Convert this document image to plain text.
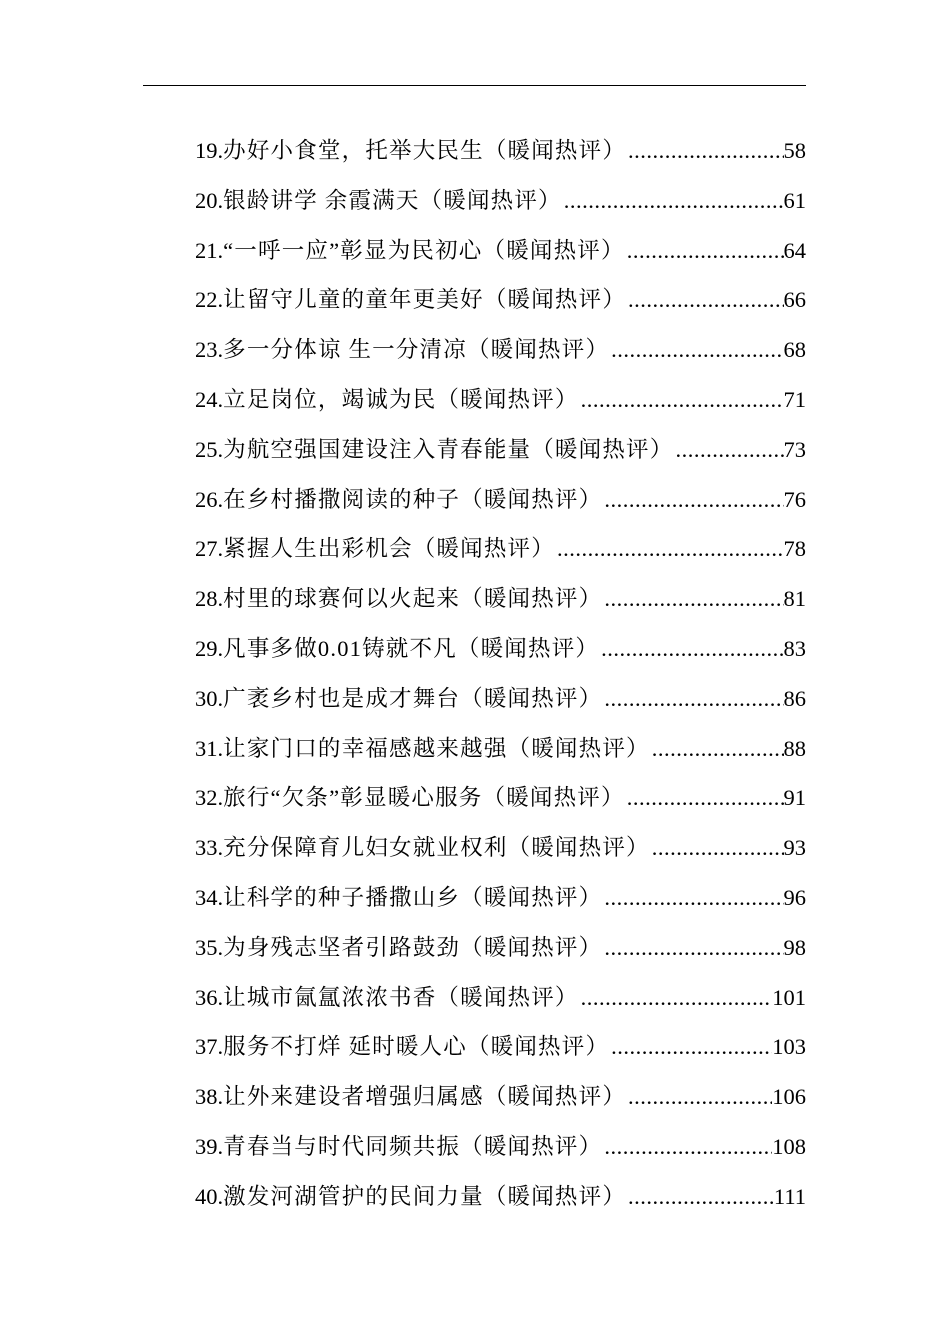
19. 办好小食堂，托举大民生（暖闻热评） .....	58
20. 银龄讲学 余霞满天（暖闻热评） .....	61
21. “一呼一应”彰显为民初心（暖闻热评） .....	64
22. 让留守儿童的童年更美好（暖闻热评） .....	66
23. 多一分体谅 生一分清凉（暖闻热评） .....	68
24. 立足岗位，竭诚为民（暖闻热评） .....	71
25. 为航空强国建设注入青春能量（暖闻热评） .....	73
26. 在乡村播撒阅读的种子（暖闻热评） .....	76
27. 紧握人生出彩机会（暖闻热评） .....	78
28. 村里的球赛何以火起来（暖闻热评） .....	81
29. 凡事多做0.01铸就不凡（暖闻热评） .....	83
30. 广袤乡村也是成才舞台（暖闻热评） .....	86
31. 让家门口的幸福感越来越强（暖闻热评） .....	88
32. 旅行“欠条”彰显暖心服务（暖闻热评） .....	91
33. 充分保障育儿妇女就业权利（暖闻热评） .....	93
34. 让科学的种子播撒山乡（暖闻热评） .....	96
35. 为身残志坚者引路鼓劲（暖闻热评） .....	98
36. 让城市氤氲浓浓书香（暖闻热评） .....	101
37. 服务不打烊 延时暖人心（暖闻热评） .....	103
38. 让外来建设者增强归属感（暖闻热评） .....	106
39. 青春当与时代同频共振（暖闻热评） .....	108
40. 激发河湖管护的民间力量（暖闻热评） .....	111
